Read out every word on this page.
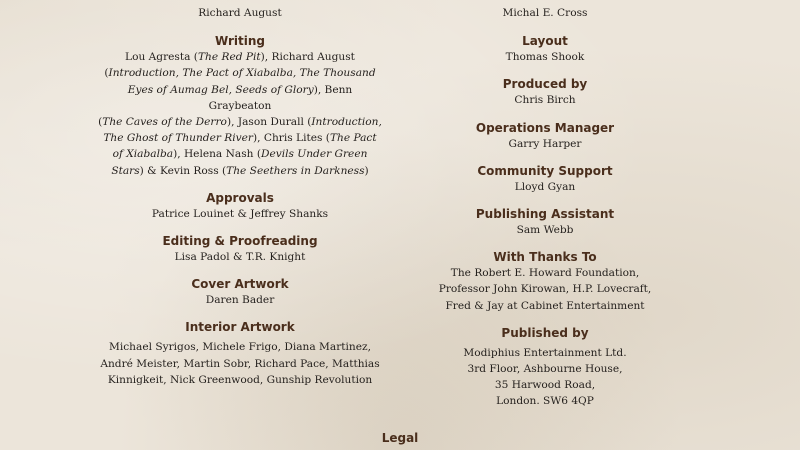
Richard August

Writing

Lou Agresta (The Red Pit), Richard August

(Introduction, The Pact of Xiabalba, The Thousand

Eyes of Aumag Bel, Seeds of Glory), Benn Graybeaton

(The Caves of the Derro), Jason Durall (Introduction,

The Ghost of Thunder River), Chris Lites (The Pact

of Xiabalba), Helena Nash (Devils Under Green

Stars) & Kevin Ross (The Seethers in Darkness)

Approvals

Patrice Louinet & Jeffrey Shanks

Editing & Proofreading

Lisa Padol & T.R. Knight

Cover Artwork

Daren Bader

Interior Artwork

Michael Syrigos, Michele Frigo, Diana Martinez,

André Meister, Martin Sobr, Richard Pace, Matthias

Kinnigkeit, Nick Greenwood, Gunship Revolution

Michal E. Cross

Layout

Thomas Shook

Produced by

Chris Birch

Operations Manager

Garry Harper

Community Support

Lloyd Gyan

Publishing Assistant

Sam Webb

With Thanks To

The Robert E. Howard Foundation,

Professor John Kirowan, H.P. Lovecraft,

Fred & Jay at Cabinet Entertainment

Published by

Modiphius Entertainment Ltd.

3rd Floor, Ashbourne House,

35 Harwood Road,

London. SW6 4QP

Legal
